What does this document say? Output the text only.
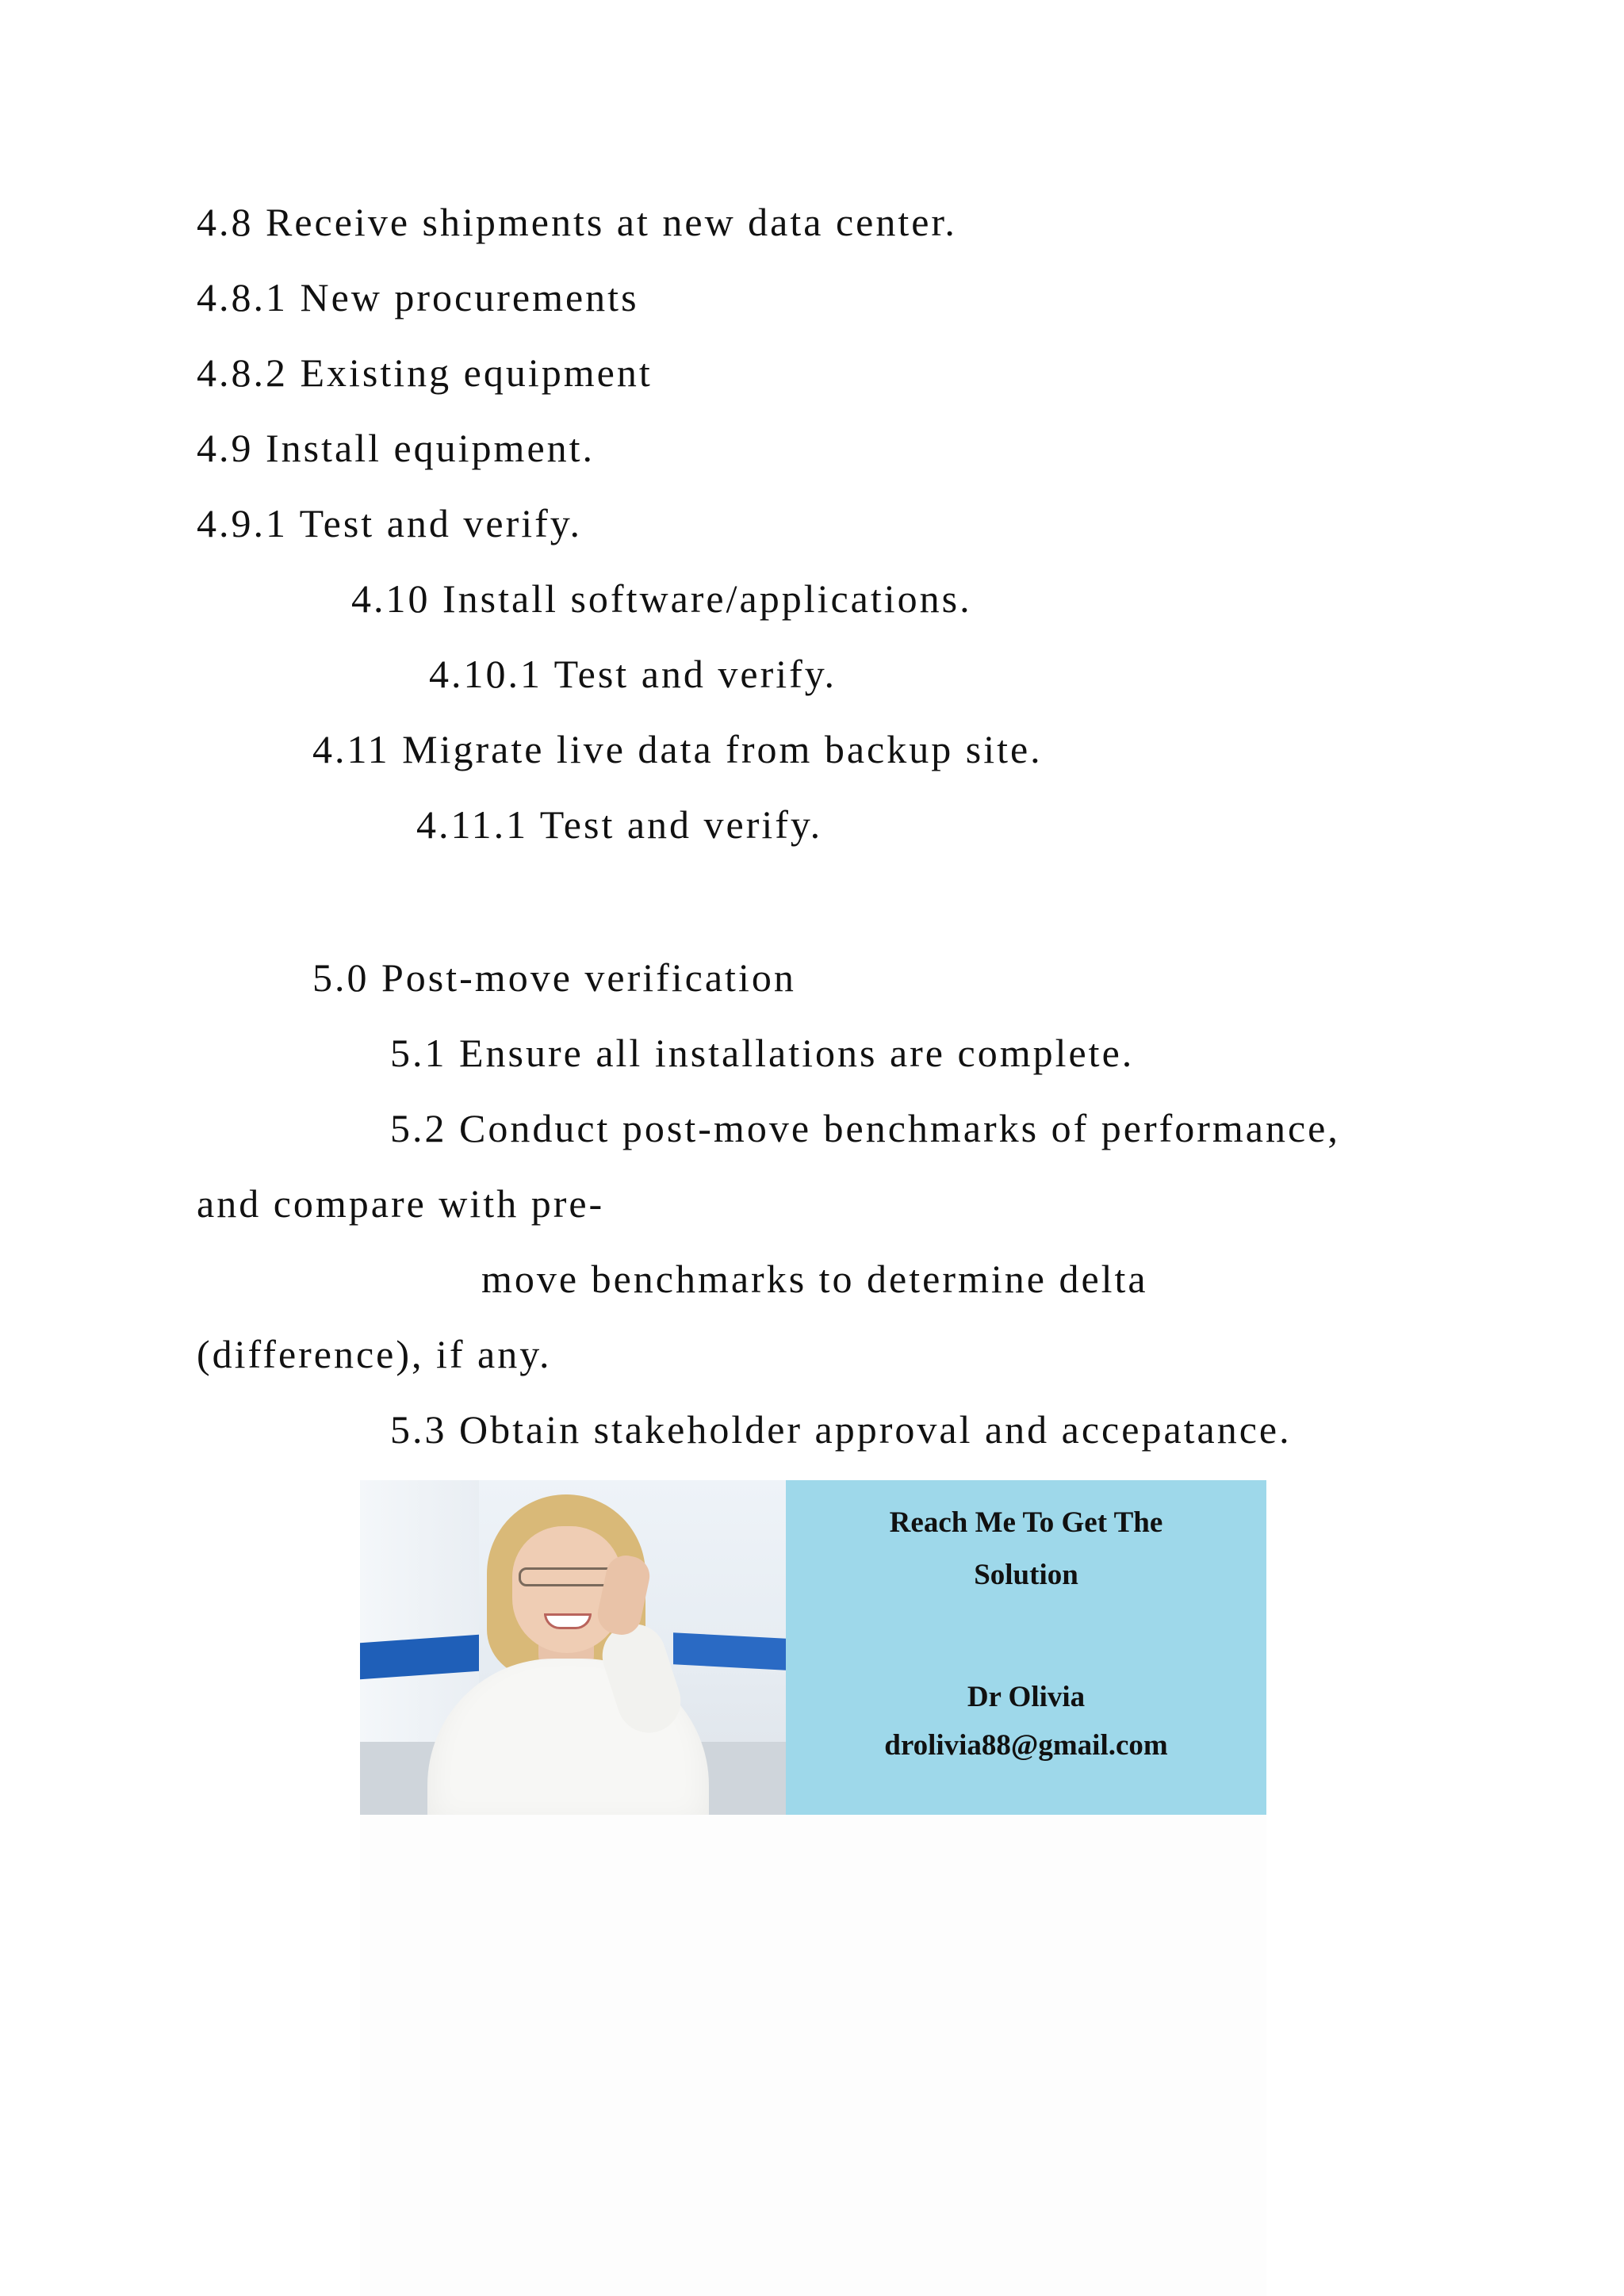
4.8 Receive shipments at new data center.
4.8.1 New procurements
4.8.2 Existing equipment
4.9 Install equipment.
4.9.1 Test and verify.
4.10 Install software/applications.
4.10.1 Test and verify.
4.11 Migrate live data from backup site.
4.11.1 Test and verify.
5.0 Post-move verification
5.1 Ensure all installations are complete.
5.2 Conduct post-move benchmarks of performance,
and compare with pre-
move benchmarks to determine delta
(difference), if any.
5.3 Obtain stakeholder approval and accepatance.
Reach Me To Get The
Solution
Dr Olivia
drolivia88@gmail.com
